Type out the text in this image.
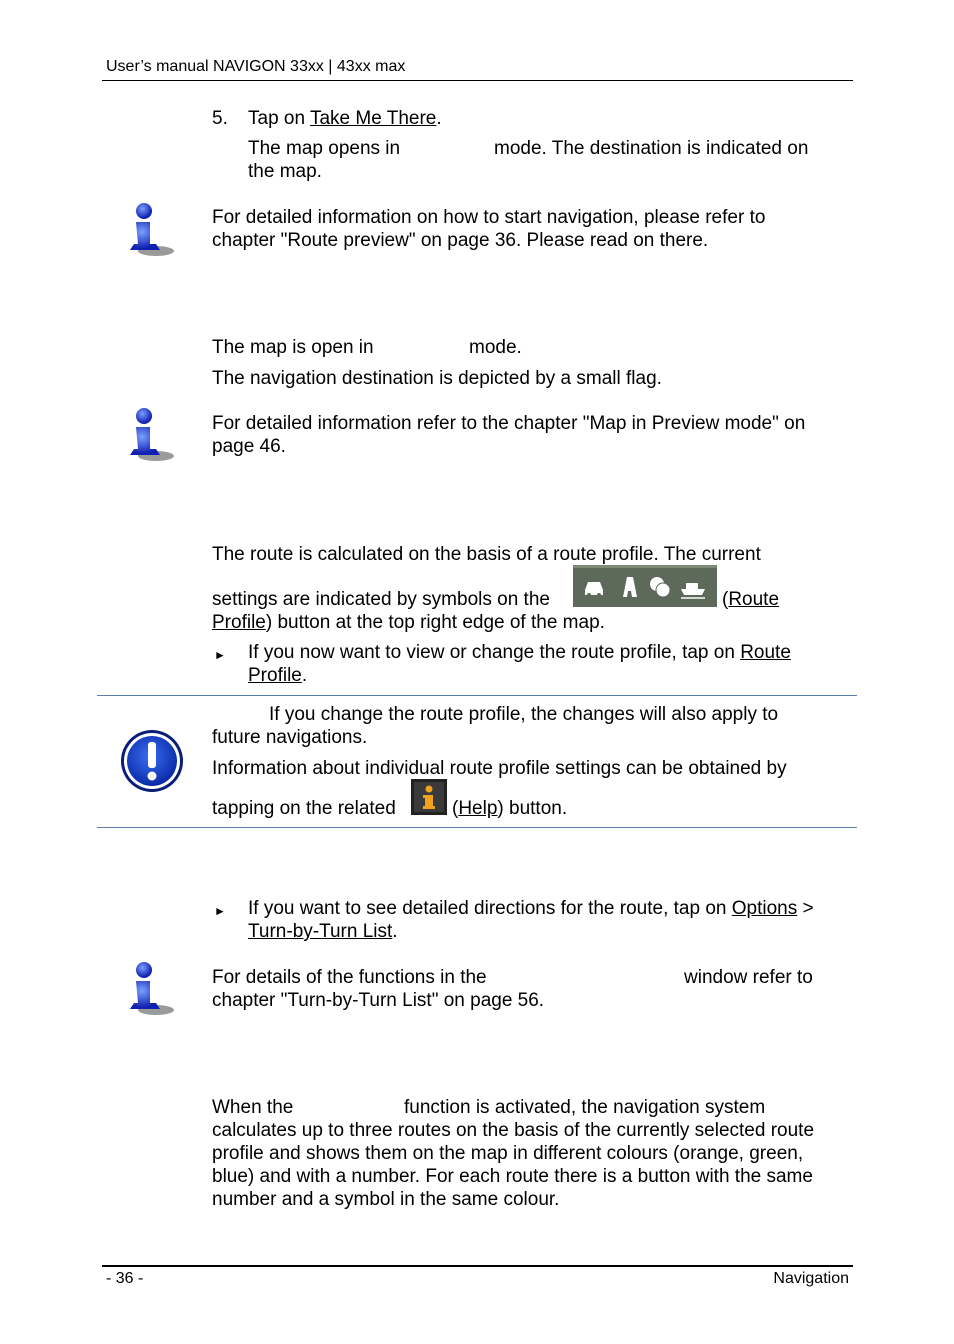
User’s manual NAVIGON 33xx | 43xx max
5. Tap on Take Me There.
The map opens in	mode. The destination is indicated on
the map.
For detailed information on how to start navigation, please refer to
chapter "Route preview" on page 36. Please read on there.
The map is open in	mode.
The navigation destination is depicted by a small flag.
For detailed information refer to the chapter "Map in Preview mode" on
page 46.
The route is calculated on the basis of a route profile. The current
settings are indicated by symbols on the	(Route
Profile) button at the top right edge of the map.
► If you now want to view or change the route profile, tap on Route
Profile.
If you change the route profile, the changes will also apply to
future navigations.
Information about individual route profile settings can be obtained by
tapping on the related	(Help) button.
► If you want to see detailed directions for the route, tap on Options >
Turn-by-Turn List.
For details of the functions in the	window refer to
chapter "Turn-by-Turn List" on page 56.
When the	function is activated, the navigation system
calculates up to three routes on the basis of the currently selected route
profile and shows them on the map in different colours (orange, green,
blue) and with a number. For each route there is a button with the same
number and a symbol in the same colour.
- 36 -	Navigation
